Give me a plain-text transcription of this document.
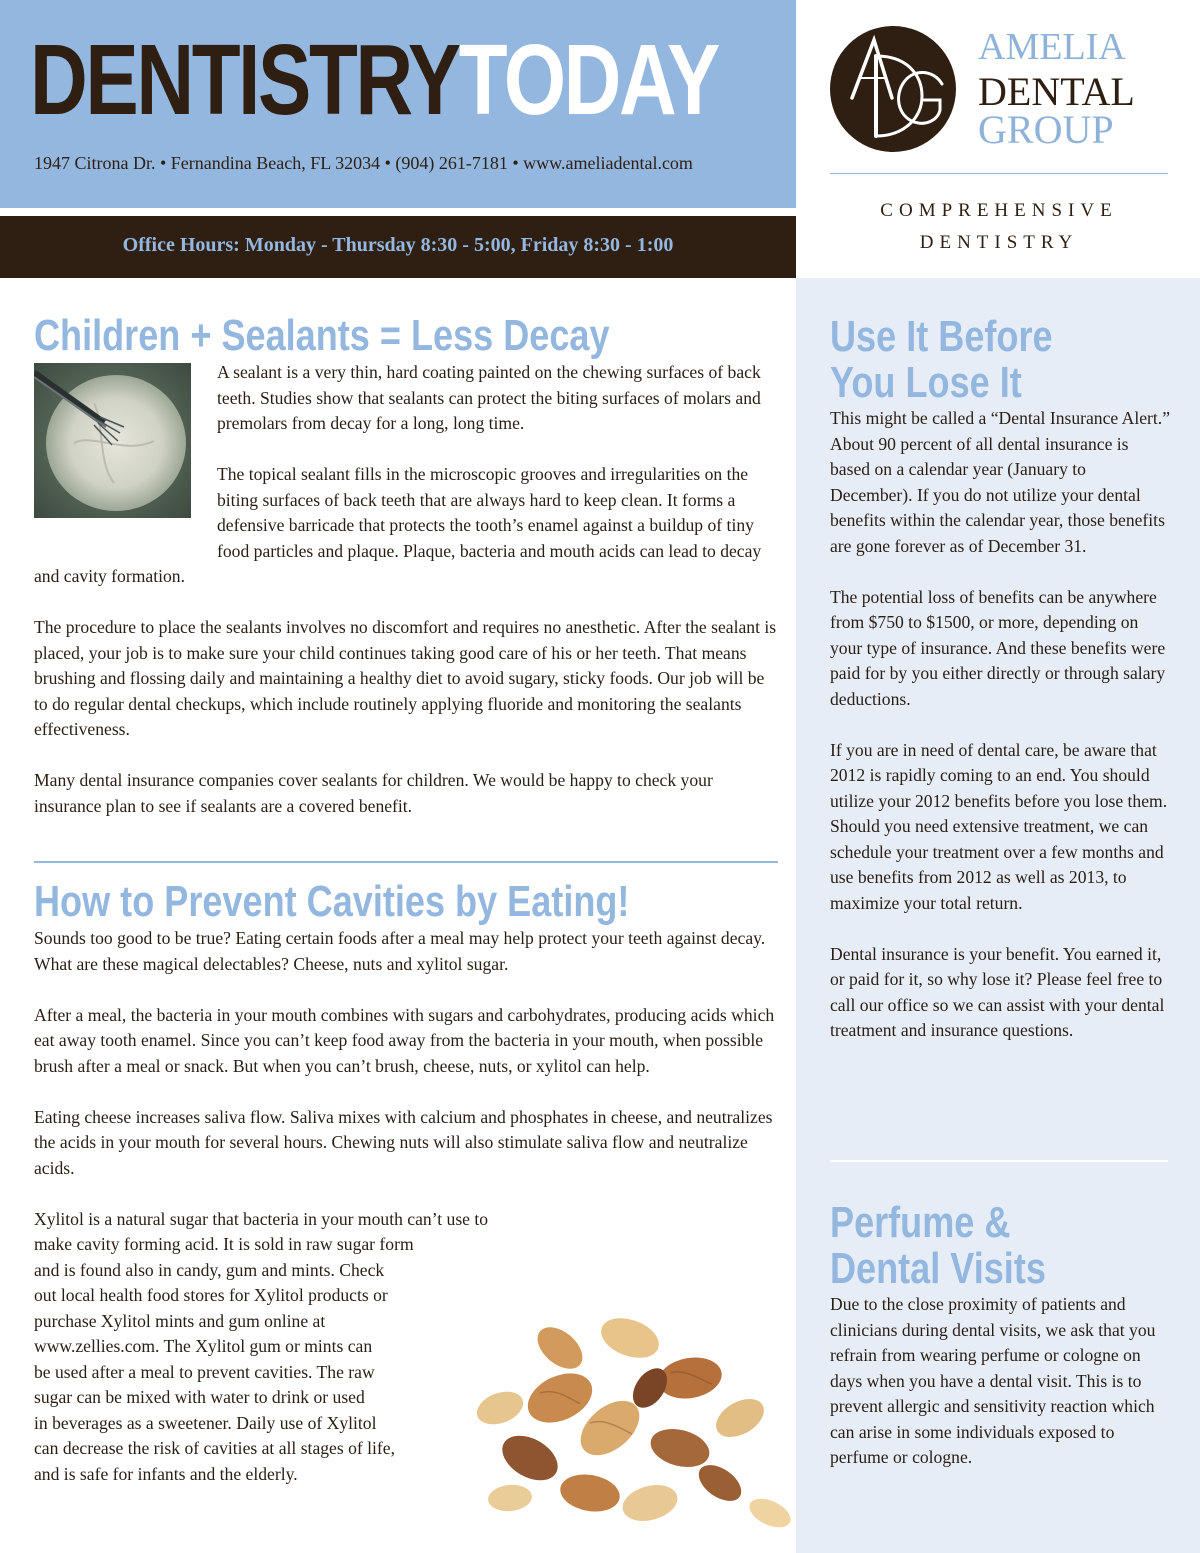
DENTISTRYTODAY
1947 Citrona Dr. • Fernandina Beach, FL 32034 • (904) 261-7181 • www.ameliadental.com
Office Hours: Monday - Thursday 8:30 - 5:00, Friday 8:30 - 1:00
AMELIA
DENTAL
GROUP
COMPREHENSIVE
DENTISTRY
Children + Sealants = Less Decay

A sealant is a very thin, hard coating painted on the chewing surfaces of back teeth. Studies show that sealants can protect the biting surfaces of molars and premolars from decay for a long, long time.

The topical sealant fills in the microscopic grooves and irregularities on the biting surfaces of back teeth that are always hard to keep clean. It forms a defensive barricade that protects the tooth’s enamel against a buildup of tiny food particles and plaque. Plaque, bacteria and mouth acids can lead to decay and cavity formation.

The procedure to place the sealants involves no discomfort and requires no anesthetic. After the sealant is placed, your job is to make sure your child continues taking good care of his or her teeth. That means brushing and flossing daily and maintaining a healthy diet to avoid sugary, sticky foods. Our job will be to do regular dental checkups, which include routinely applying fluoride and monitoring the sealants effectiveness.

Many dental insurance companies cover sealants for children. We would be happy to check your insurance plan to see if sealants are a covered benefit.

How to Prevent Cavities by Eating!

Sounds too good to be true? Eating certain foods after a meal may help protect your teeth against decay. What are these magical delectables? Cheese, nuts and xylitol sugar.

After a meal, the bacteria in your mouth combines with sugars and carbohydrates, producing acids which eat away tooth enamel. Since you can’t keep food away from the bacteria in your mouth, when possible brush after a meal or snack. But when you can’t brush, cheese, nuts, or xylitol can help.

Eating cheese increases saliva flow. Saliva mixes with calcium and phosphates in cheese, and neutralizes the acids in your mouth for several hours. Chewing nuts will also stimulate saliva flow and neutralize acids.

Xylitol is a natural sugar that bacteria in your mouth can’t use to
make cavity forming acid. It is sold in raw sugar form
and is found also in candy, gum and mints. Check
out local health food stores for Xylitol products or
purchase Xylitol mints and gum online at
www.zellies.com. The Xylitol gum or mints can
be used after a meal to prevent cavities. The raw
sugar can be mixed with water to drink or used
in beverages as a sweetener. Daily use of Xylitol
can decrease the risk of cavities at all stages of life,
and is safe for infants and the elderly.
Use It Before
You Lose It

This might be called a “Dental Insurance Alert.” About 90 percent of all dental insurance is based on a calendar year (January to December). If you do not utilize your dental benefits within the calendar year, those benefits are gone forever as of December 31.

The potential loss of benefits can be anywhere from $750 to $1500, or more, depending on your type of insurance. And these benefits were paid for by you either directly or through salary deductions.

If you are in need of dental care, be aware that 2012 is rapidly coming to an end. You should utilize your 2012 benefits before you lose them. Should you need extensive treatment, we can schedule your treatment over a few months and use benefits from 2012 as well as 2013, to maximize your total return.

Dental insurance is your benefit. You earned it, or paid for it, so why lose it? Please feel free to call our office so we can assist with your dental treatment and insurance questions.

Perfume &
Dental Visits

Due to the close proximity of patients and clinicians during dental visits, we ask that you refrain from wearing perfume or cologne on days when you have a dental visit. This is to prevent allergic and sensitivity reaction which can arise in some individuals exposed to perfume or cologne.
